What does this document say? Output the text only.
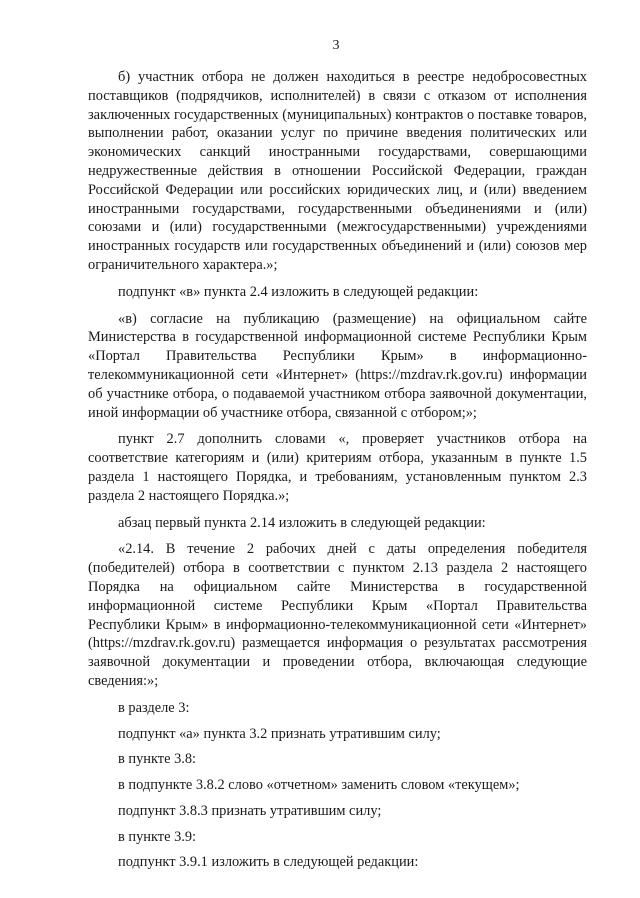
3

б) участник отбора не должен находиться в реестре недобросовестных поставщиков (подрядчиков, исполнителей) в связи с отказом от исполнения заключенных государственных (муниципальных) контрактов о поставке товаров, выполнении работ, оказании услуг по причине введения политических или экономических санкций иностранными государствами, совершающими недружественные действия в отношении Российской Федерации, граждан Российской Федерации или российских юридических лиц, и (или) введением иностранными государствами, государственными объединениями и (или) союзами и (или) государственными (межгосударственными) учреждениями иностранных государств или государственных объединений и (или) союзов мер ограничительного характера.»;

подпункт «в» пункта 2.4 изложить в следующей редакции:

«в) согласие на публикацию (размещение) на официальном сайте Министерства в государственной информационной системе Республики Крым «Портал Правительства Республики Крым» в информационно-телекоммуникационной сети «Интернет» (https://mzdrav.rk.gov.ru) информации об участнике отбора, о подаваемой участником отбора заявочной документации, иной информации об участнике отбора, связанной с отбором;»;

пункт 2.7 дополнить словами «, проверяет участников отбора на соответствие категориям и (или) критериям отбора, указанным в пункте 1.5 раздела 1 настоящего Порядка, и требованиям, установленным пунктом 2.3 раздела 2 настоящего Порядка.»;

абзац первый пункта 2.14 изложить в следующей редакции:

«2.14. В течение 2 рабочих дней с даты определения победителя (победителей) отбора в соответствии с пунктом 2.13 раздела 2 настоящего Порядка на официальном сайте Министерства в государственной информационной системе Республики Крым «Портал Правительства Республики Крым» в информационно-телекоммуникационной сети «Интернет» (https://mzdrav.rk.gov.ru) размещается информация о результатах рассмотрения заявочной документации и проведении отбора, включающая следующие сведения:»;

в разделе 3:

подпункт «а» пункта 3.2 признать утратившим силу;

в пункте 3.8:

в подпункте 3.8.2 слово «отчетном» заменить словом «текущем»;

подпункт 3.8.3 признать утратившим силу;

в пункте 3.9:

подпункт 3.9.1 изложить в следующей редакции:
